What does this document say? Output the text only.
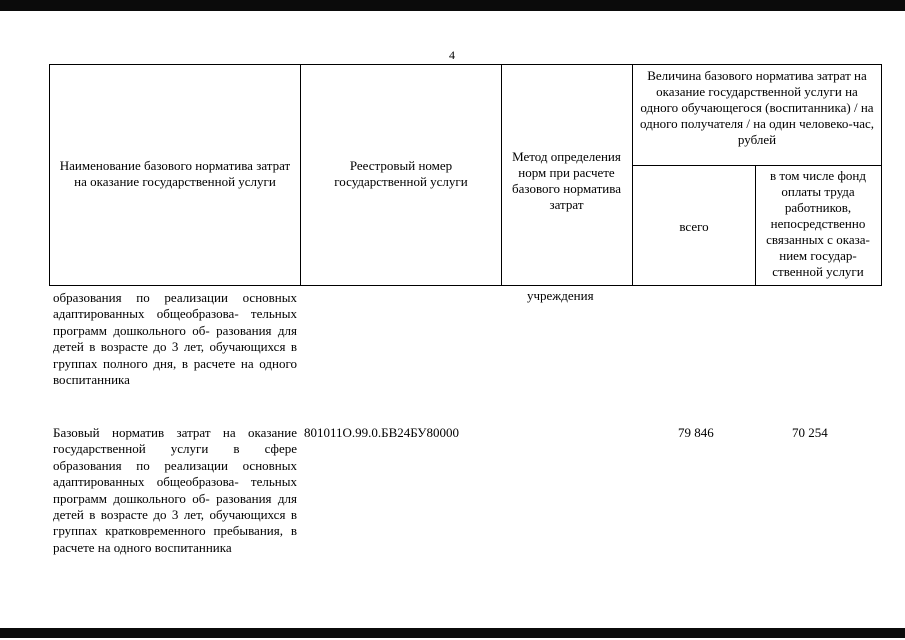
4
Наименование базового норматива затрат на оказание государственной услуги
Реестровый номер государственной услуги
Метод определения норм при расчете базового норматива затрат
Величина базового норматива затрат на оказание государственной услуги на одного обучающегося (воспитанника) / на одного получателя / на один человеко-час, рублей
всего
в том числе фонд оплаты труда работников, непосредственно связанных с оказа- нием государ- ственной услуги
образования по реализации основных адаптированных общеобразова- тельных программ дошкольного об- разования для детей в возрасте до 3 лет, обучающихся в группах полного дня, в расчете на одного воспитанника
учреждения
Базовый норматив затрат на оказание государственной услуги в сфере образования по реализации основных адаптированных общеобразова- тельных программ дошкольного об- разования для детей в возрасте до 3 лет, обучающихся в группах кратковременного пребывания, в расчете на одного воспитанника
801011О.99.0.БВ24БУ80000	79 846	70 254
